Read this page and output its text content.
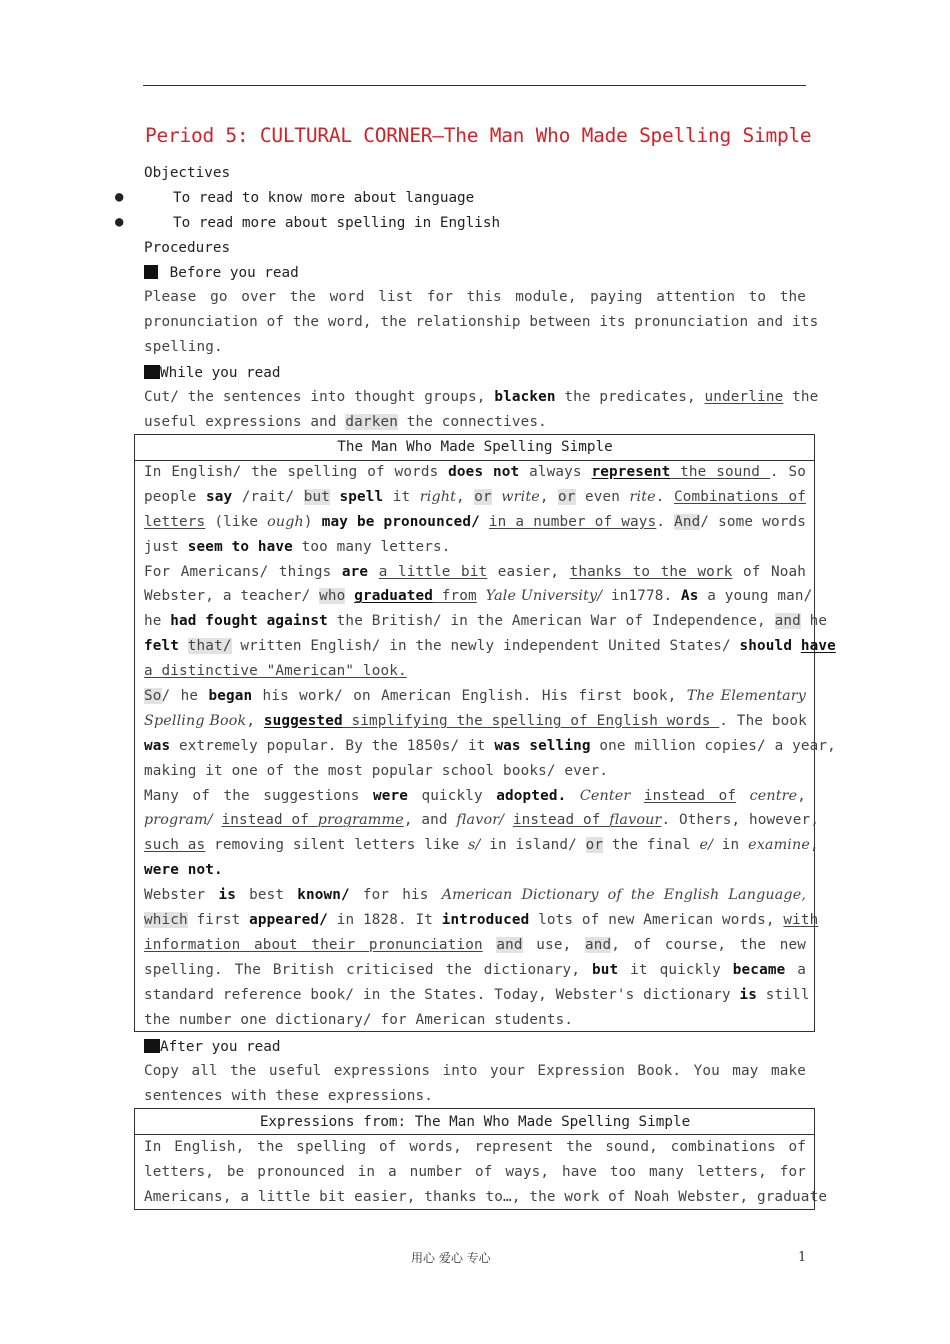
Period 5: CULTURAL CORNER—The Man Who Made Spelling Simple
Objectives
●	To read to know more about language
●	To read more about spelling in English
Procedures
Before you read
Please go over the word list for this module, paying attention to the
pronunciation of the word, the relationship between its pronunciation and its
spelling.
While you read
Cut/ the sentences into thought groups, blacken the predicates, underline the
useful expressions and darken the connectives.
The Man Who Made Spelling Simple
In English/ the spelling of words does not always represent the sound . So
people say /rait/ but spell it right, or write, or even rite. Combinations of
letters (like ough) may be pronounced/ in a number of ways. And/ some words
just seem to have too many letters.
For Americans/ things are a little bit easier, thanks to the work of Noah
Webster, a teacher/ who graduated from Yale University/ in1778. As a young man/
he had fought against the British/ in the American War of Independence, and he
felt that/ written English/ in the newly independent United States/ should have
a distinctive "American" look.
So/ he began his work/ on American English. His first book, The Elementary
Spelling Book, suggested simplifying the spelling of English words . The book
was extremely popular. By the 1850s/ it was selling one million copies/ a year,
making it one of the most popular school books/ ever.
Many of the suggestions were quickly adopted. Center instead of centre,
program/ instead of programme, and flavor/ instead of flavour. Others, however,
such as removing silent letters like s/ in island/ or the final e/ in examine,
were not.
Webster is best known/ for his American Dictionary of the English Language,
which first appeared/ in 1828. It introduced lots of new American words, with
information about their pronunciation and use, and, of course, the new
spelling. The British criticised the dictionary, but it quickly became a
standard reference book/ in the States. Today, Webster's dictionary is still
the number one dictionary/ for American students.
After you read
Copy all the useful expressions into your Expression Book. You may make
sentences with these expressions.
Expressions from: The Man Who Made Spelling Simple
In English, the spelling of words, represent the sound, combinations of
letters, be pronounced in a number of ways, have too many letters, for
Americans, a little bit easier, thanks to…, the work of Noah Webster, graduate
用心 爱心 专心	1
